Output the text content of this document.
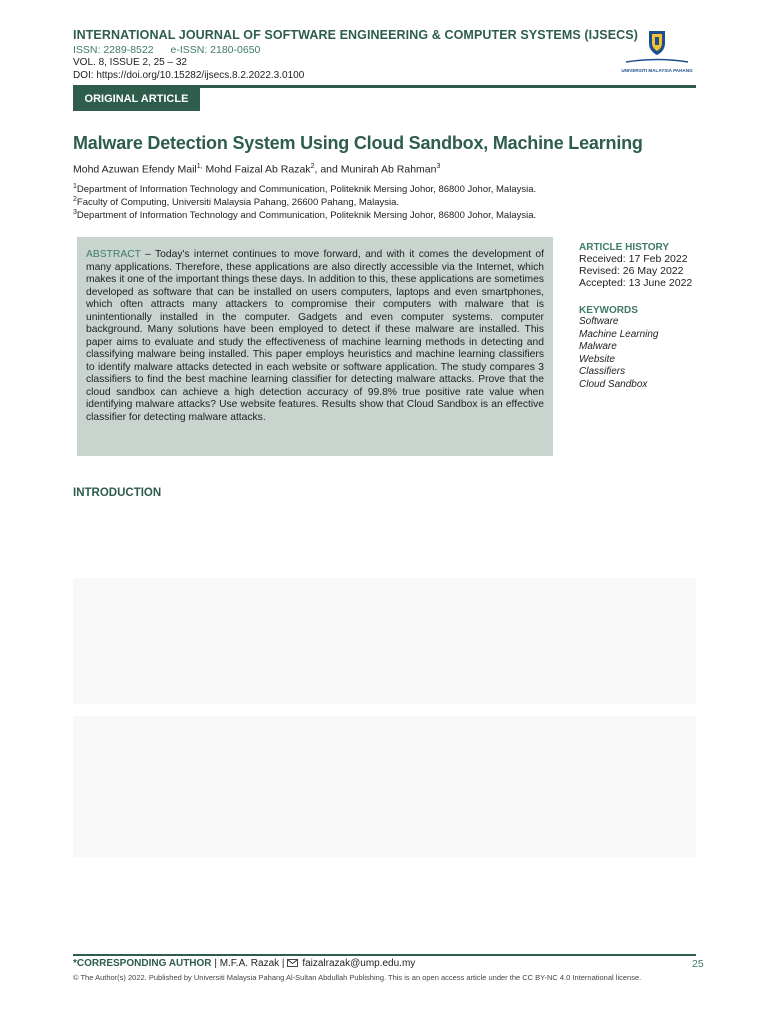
INTERNATIONAL JOURNAL OF SOFTWARE ENGINEERING & COMPUTER SYSTEMS (IJSECS)
ISSN: 2289-8522 e-ISSN: 2180-0650
VOL. 8, ISSUE 2, 25 – 32
DOI: https://doi.org/10.15282/ijsecs.8.2.2022.3.0100	UNIVERSITI MALAYSIA PAHANG
ORIGINAL ARTICLE
Malware Detection System Using Cloud Sandbox, Machine Learning
Mohd Azuwan Efendy Mail$^{1,}$ Mohd Faizal Ab Razak$^2$, and Munirah Ab Rahman$^3$
$^1$Department of Information Technology and Communication, Politeknik Mersing Johor, 86800 Johor, Malaysia.
$^2$Faculty of Computing, Universiti Malaysia Pahang, 26600 Pahang, Malaysia.
$^3$Department of Information Technology and Communication, Politeknik Mersing Johor, 86800 Johor, Malaysia.
ABSTRACT – Today's internet continues to move forward, and with it comes the development of many applications. Therefore, these applications are also directly accessible via the Internet, which makes it one of the important things these days. In addition to this, these applications are sometimes developed as software that can be installed on users computers, laptops and even smartphones, which often attracts many attackers to compromise their computers with malware that is unintentionally installed in the computer. Gadgets and even computer systems. computer background. Many solutions have been employed to detect if these malware are installed. This paper aims to evaluate and study the effectiveness of machine learning methods in detecting and classifying malware being installed. This paper employs heuristics and machine learning classifiers to identify malware attacks detected in each website or software application. The study compares 3 classifiers to find the best machine learning classifier for detecting malware attacks. Prove that the cloud sandbox can achieve a high detection accuracy of 99.8% true positive rate value when identifying malware attacks? Use website features. Results show that Cloud Sandbox is an effective classifier for detecting malware attacks.
ARTICLE HISTORY
Received: 17 Feb 2022
Revised: 26 May 2022
Accepted: 13 June 2022
KEYWORDS
Software
Machine Learning
Malware
Website
Classifiers
Cloud Sandbox
INTRODUCTION
*CORRESPONDING AUTHOR | M.F.A. Razak | faizalrazak@ump.edu.my	25
© The Author(s) 2022. Published by Universiti Malaysia Pahang Al-Sultan Abdullah Publishing. This is an open access article under the CC BY-NC 4.0 International license.
